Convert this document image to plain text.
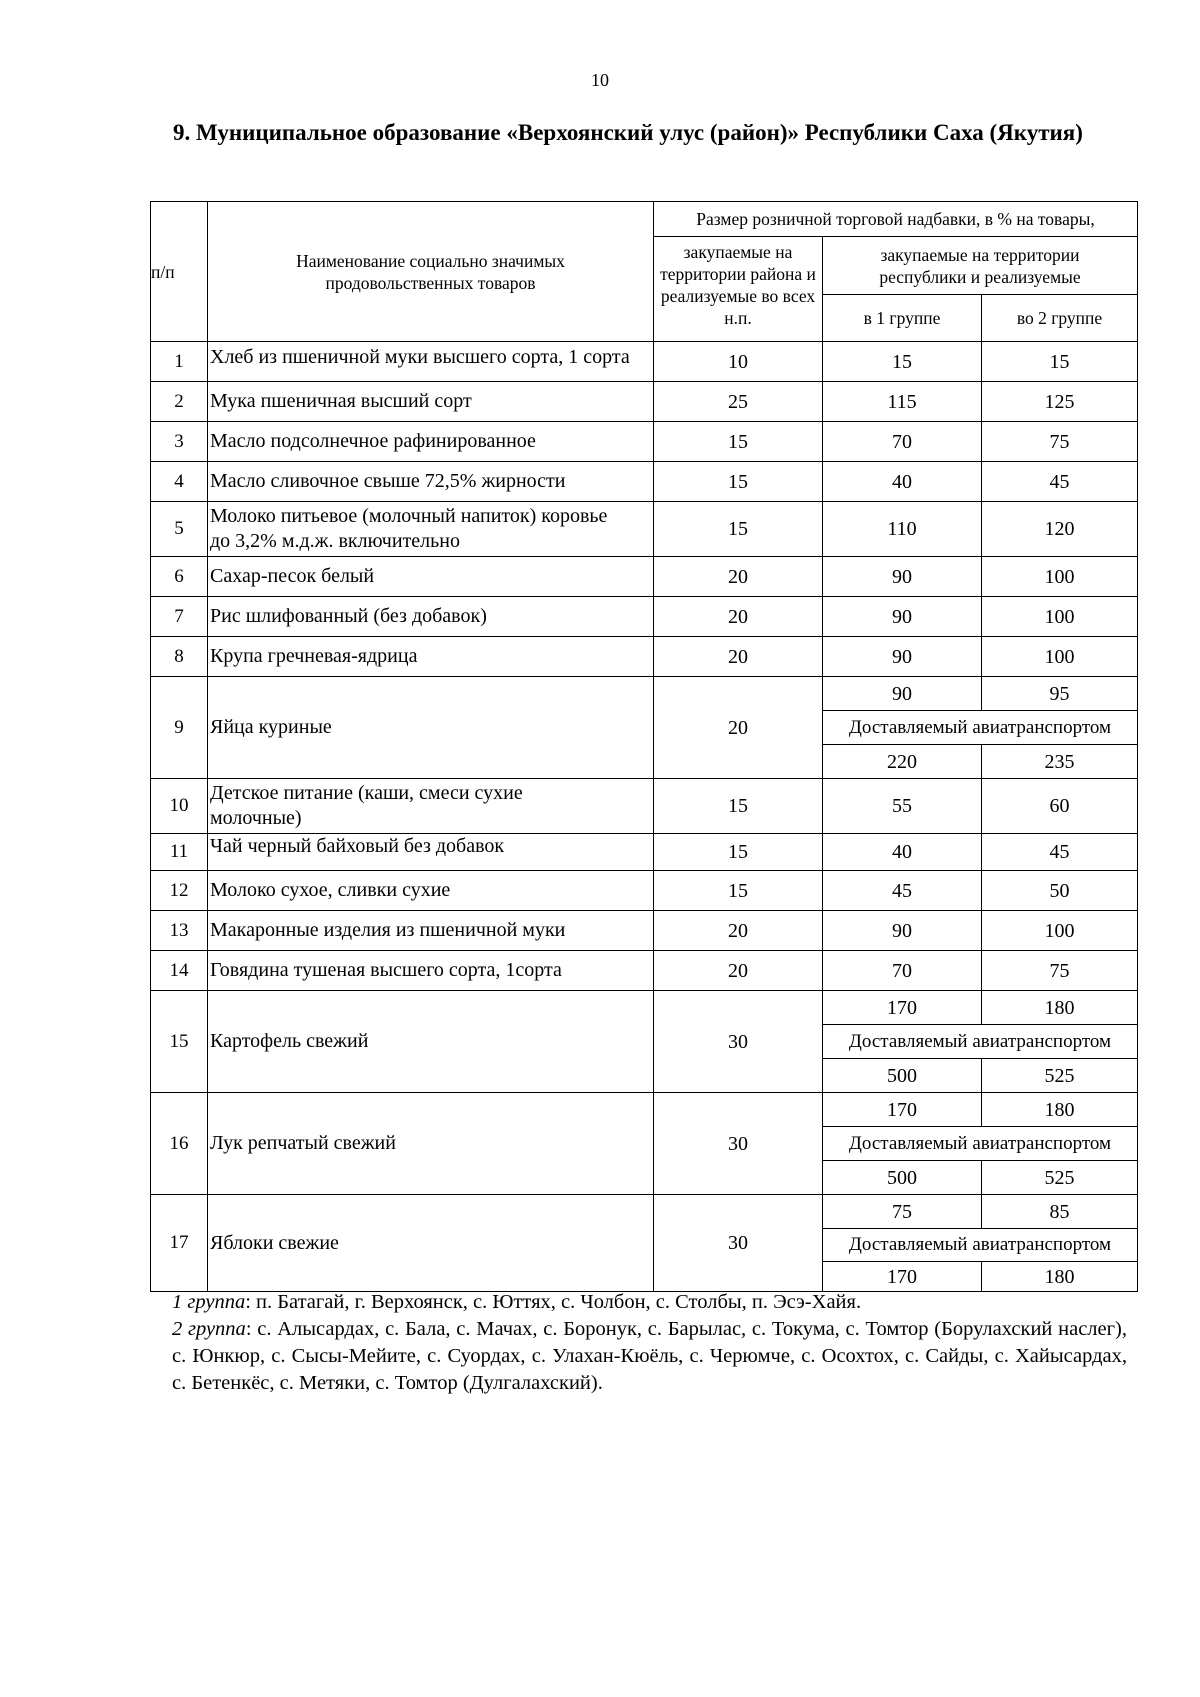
10
9. Муниципальное образование «Верхоянский улус (район)» Республики Саха (Якутия)
п/п	Наименование социально значимых продовольственных товаров	Размер розничной торговой надбавки, в % на товары,		
		закупаемые на территории района и реализуемые во всех н.п.	закупаемые на территории республики и реализуемые	
			в 1 группе	во 2 группе
1	Хлеб из пшеничной муки высшего сорта, 1 сорта	10	15	15
2	Мука пшеничная высший сорт	25	115	125
3	Масло подсолнечное рафинированное	15	70	75
4	Масло сливочное свыше 72,5% жирности	15	40	45
5	Молоко питьевое (молочный напиток) коровье до 3,2% м.д.ж. включительно	15	110	120
6	Сахар-песок белый	20	90	100
7	Рис шлифованный (без добавок)	20	90	100
8	Крупа гречневая-ядрица	20	90	100
9	Яйца куриные	20	90	95
			Доставляемый авиатранспортом	
			220	235
10	Детское питание (каши, смеси сухие молочные)	15	55	60
11	Чай черный байховый без добавок	15	40	45
12	Молоко сухое, сливки сухие	15	45	50
13	Макаронные изделия из пшеничной муки	20	90	100
14	Говядина тушеная высшего сорта, 1сорта	20	70	75
15	Картофель свежий	30	170	180
			Доставляемый авиатранспортом	
			500	525
16	Лук репчатый свежий	30	170	180
			Доставляемый авиатранспортом	
			500	525
17	Яблоки свежие	30	75	85
			Доставляемый авиатранспортом	
			170	180

1 группа: п. Батагай, г. Верхоянск, с. Юттях, с. Чолбон, с. Столбы, п. Эсэ-Хайя.

2 группа: с. Алысардах, с. Бала, с. Мачах, с. Боронук, с. Барылас, с. Токума, с. Томтор (Борулахский наслег), с. Юнкюр, с. Сысы-Мейите, с. Суордах, с. Улахан-Кюёль, с. Черюмче, с. Осохтох, с. Сайды, с. Хайысардах, с. Бетенкёс, с. Метяки, с. Томтор (Дулгалахский).
